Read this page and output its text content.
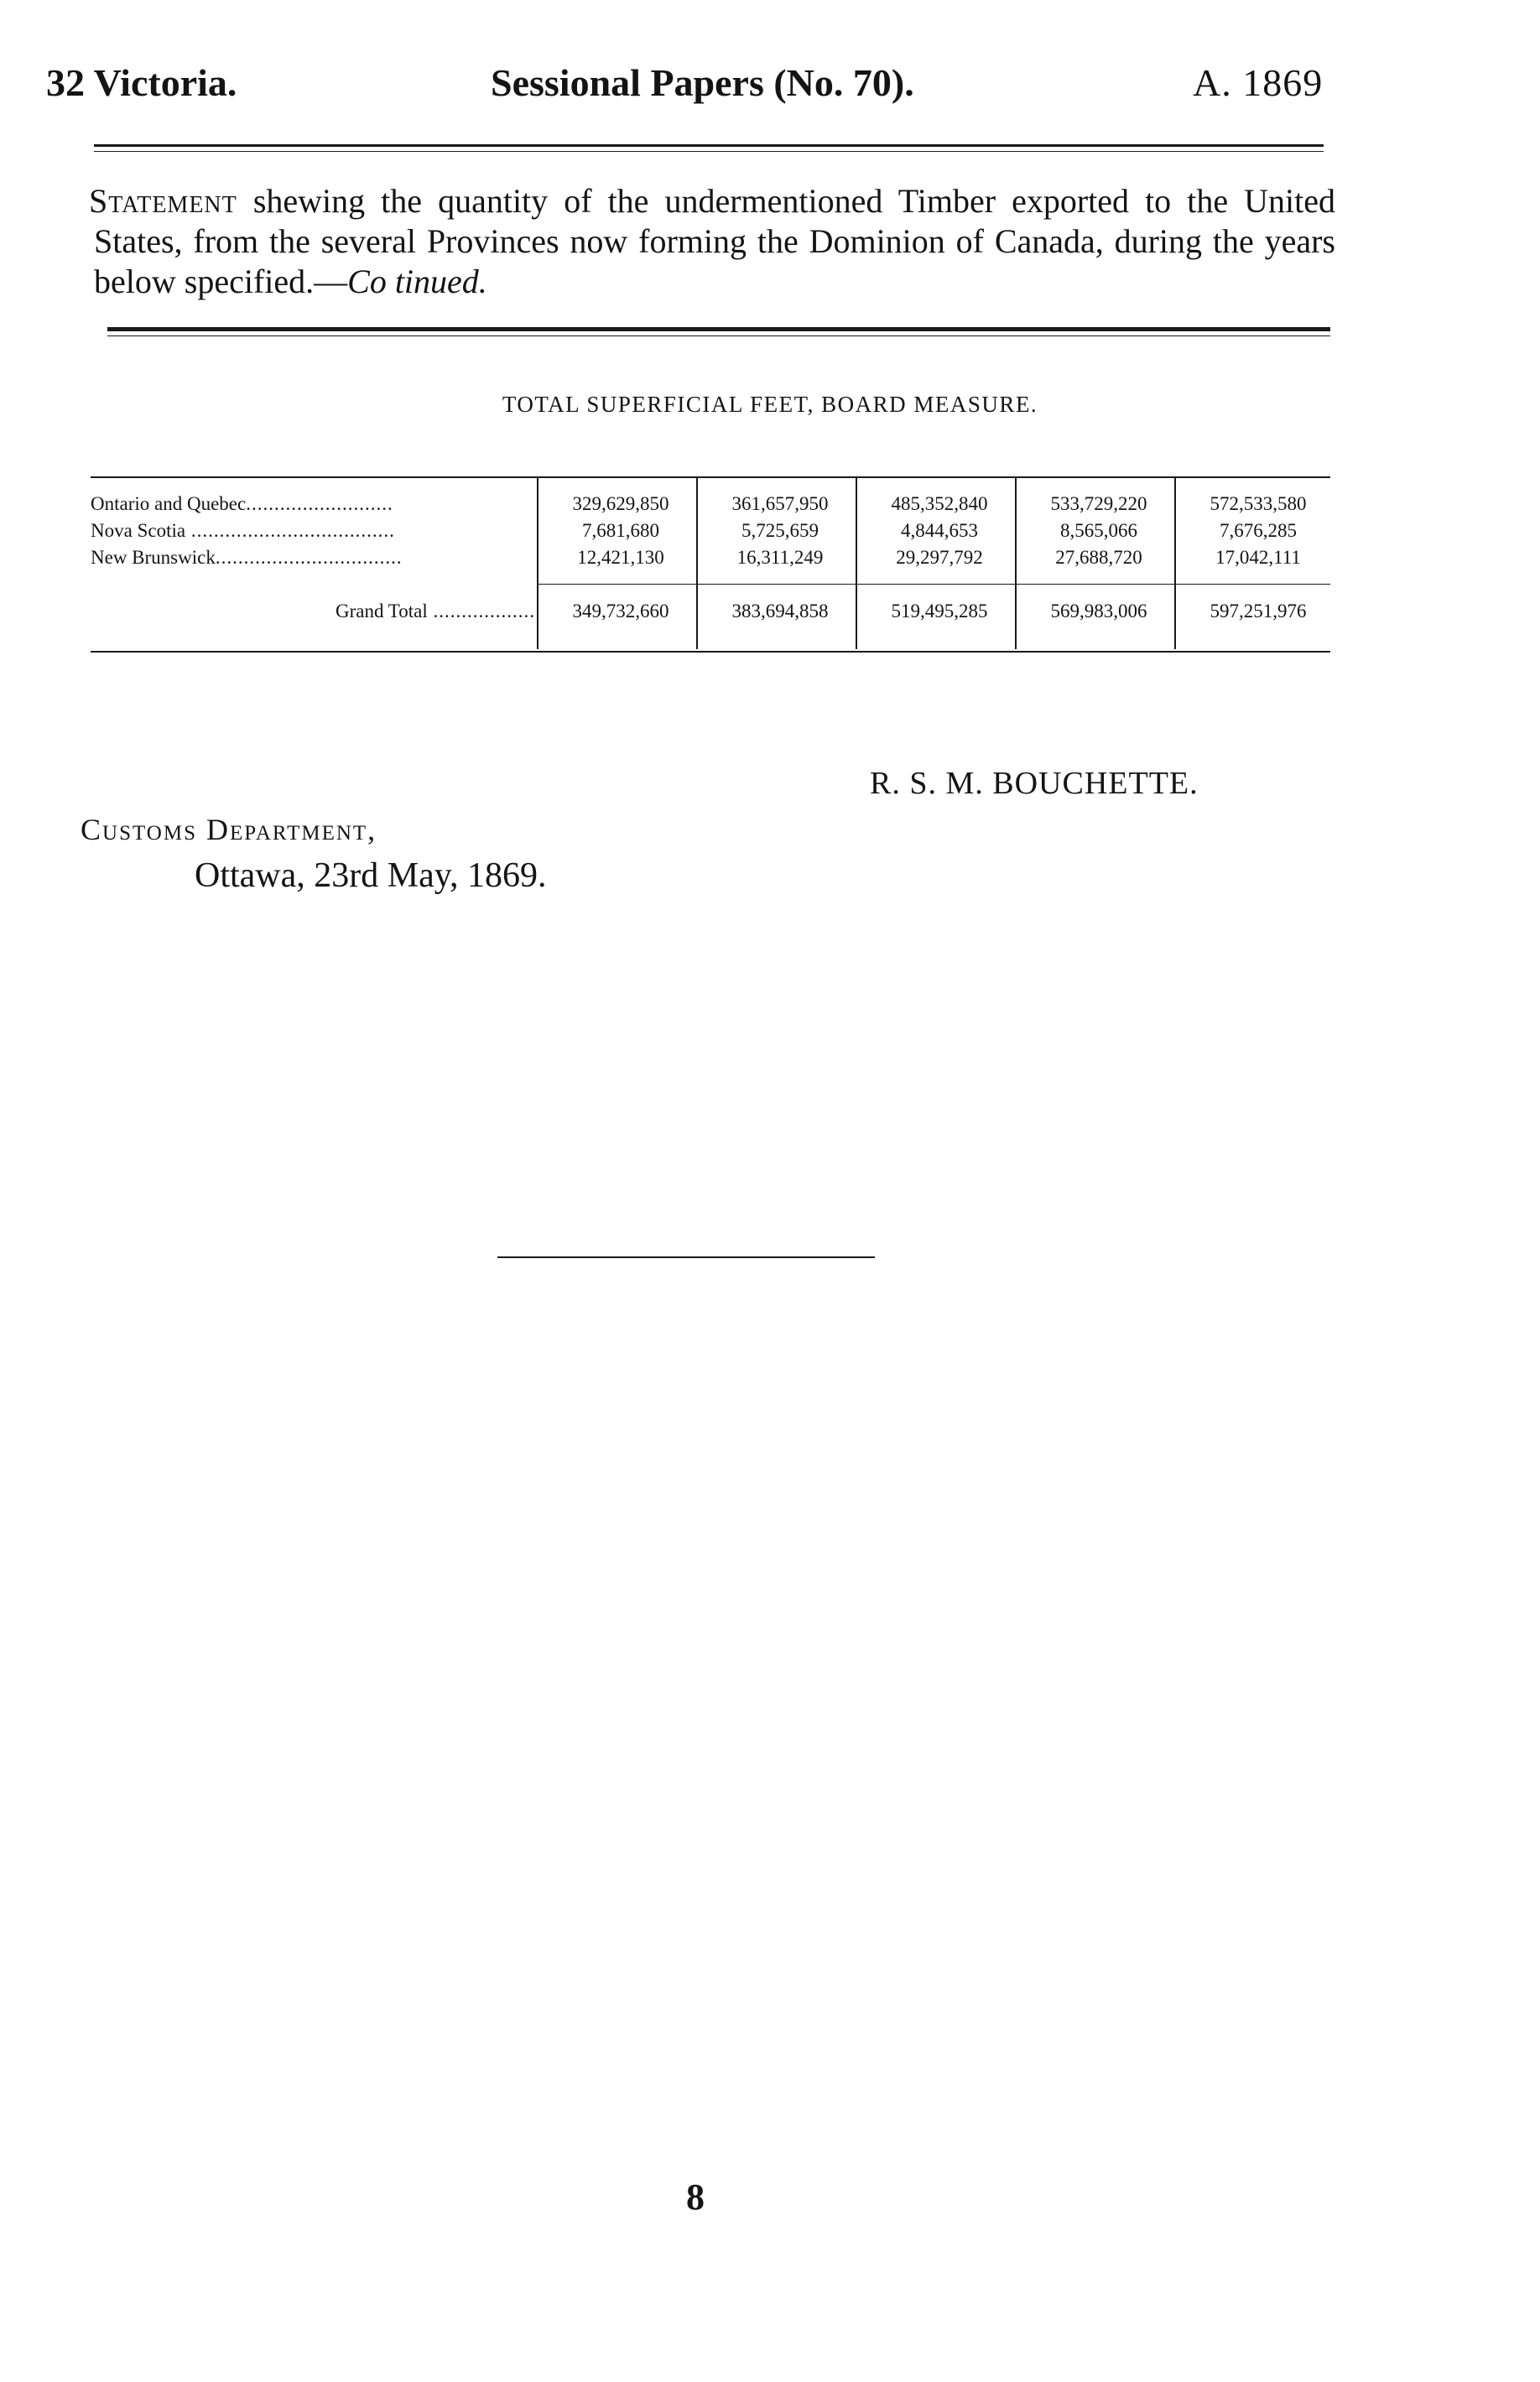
32 Victoria.	Sessional Papers (No. 70).	A. 1869
Statement shewing the quantity of the undermentioned Timber exported to the United States, from the several Provinces now forming the Dominion of Canada, during the years below specified.—Co tinued.
TOTAL SUPERFICIAL FEET, BOARD MEASURE.
Ontario and Quebec..........................	329,629,850	361,657,950	485,352,840	533,729,220	572,533,580
Nova Scotia ....................................	7,681,680	5,725,659	4,844,653	8,565,066	7,676,285
New Brunswick.................................	12,421,130	16,311,249	29,297,792	27,688,720	17,042,111
Grand Total ..................	349,732,660	383,694,858	519,495,285	569,983,006	597,251,976
R. S. M. BOUCHETTE.
Customs Department,
Ottawa, 23rd May, 1869.
8
